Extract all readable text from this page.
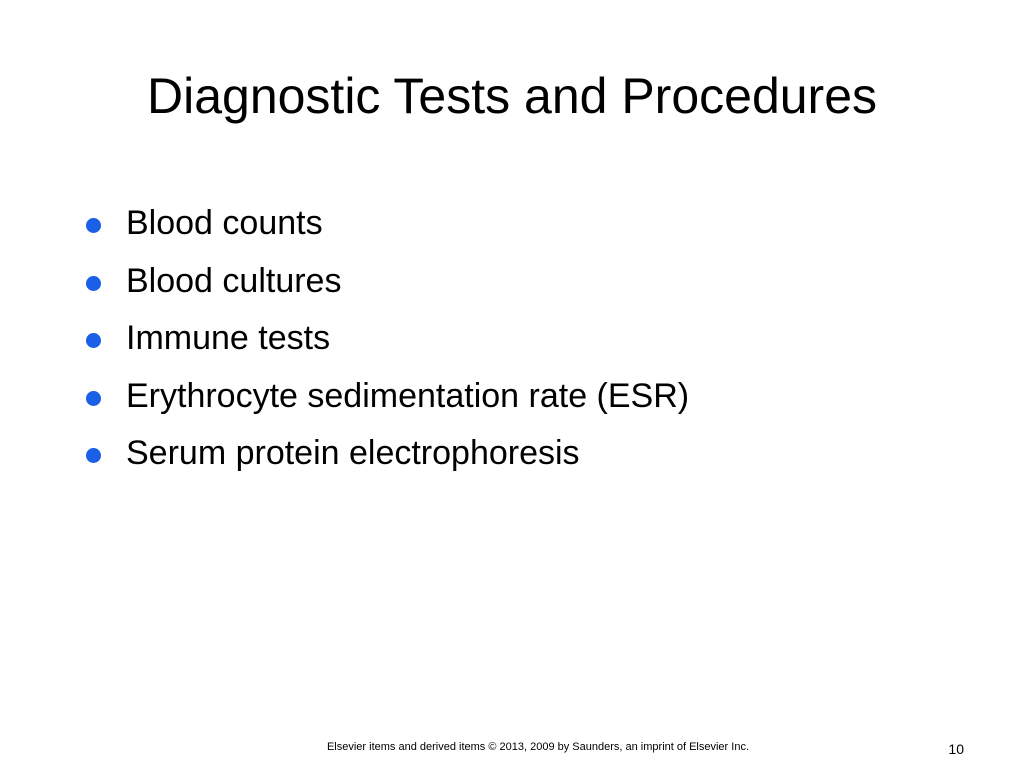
Diagnostic Tests and Procedures
Blood counts
Blood cultures
Immune tests
Erythrocyte sedimentation rate (ESR)
Serum protein electrophoresis
Elsevier items and derived items © 2013, 2009 by Saunders, an imprint of Elsevier Inc.	10
